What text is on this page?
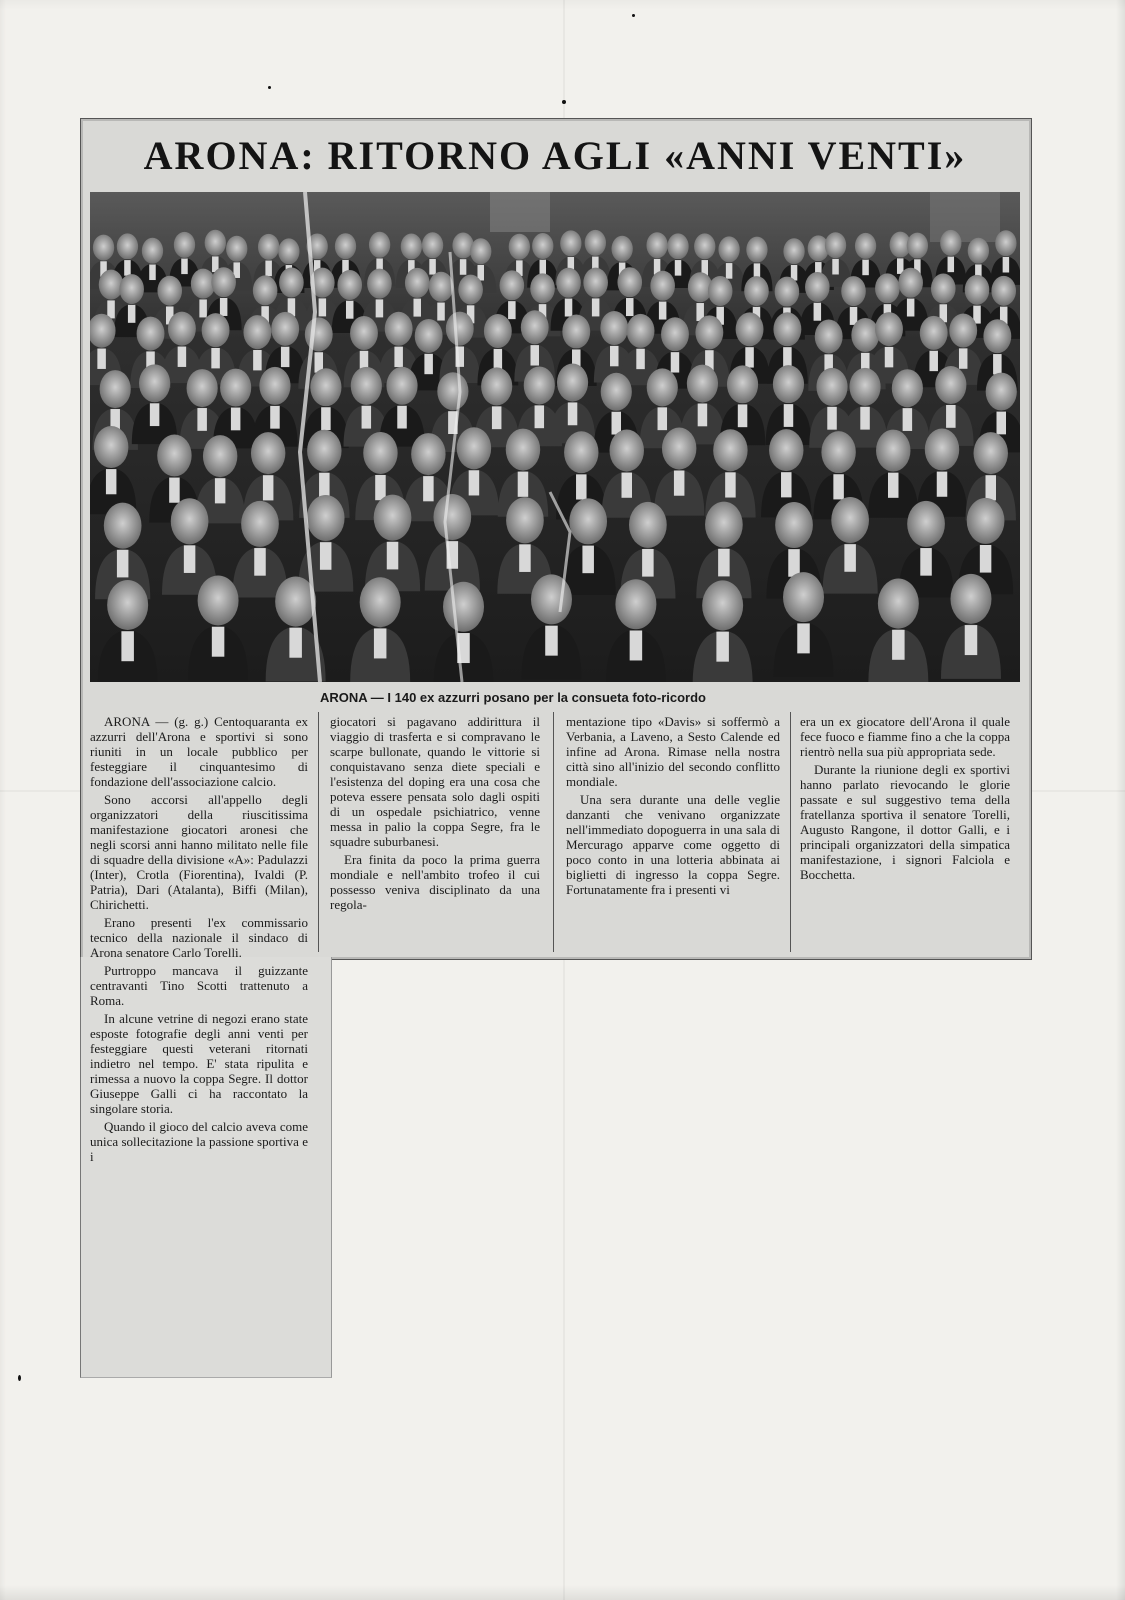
ARONA: RITORNO AGLI «ANNI VENTI»
ARONA — I 140 ex azzurri posano per la consueta foto-ricordo

ARONA — (g. g.) Centoquaranta ex azzurri dell'Arona e sportivi si sono riuniti in un locale pubblico per festeggiare il cinquantesimo di fondazione dell'associazione calcio.

Sono accorsi all'appello degli organizzatori della riuscitissima manifestazione giocatori aronesi che negli scorsi anni hanno militato nelle file di squadre della divisione «A»: Padulazzi (Inter), Crotla (Fiorentina), Ivaldi (P. Patria), Dari (Atalanta), Biffi (Milan), Chirichetti.

Erano presenti l'ex commissario tecnico della nazionale il sindaco di Arona senatore Carlo Torelli.

Purtroppo mancava il guizzante centravanti Tino Scotti trattenuto a Roma.

In alcune vetrine di negozi erano state esposte fotografie degli anni venti per festeggiare questi veterani ritornati indietro nel tempo. E' stata ripulita e rimessa a nuovo la coppa Segre. Il dottor Giuseppe Galli ci ha raccontato la singolare storia.

Quando il gioco del calcio aveva come unica sollecitazione la passione sportiva e i

giocatori si pagavano addirittura il viaggio di trasferta e si compravano le scarpe bullonate, quando le vittorie si conquistavano senza diete speciali e l'esistenza del doping era una cosa che poteva essere pensata solo dagli ospiti di un ospedale psichiatrico, venne messa in palio la coppa Segre, fra le squadre suburbanesi.

Era finita da poco la prima guerra mondiale e nell'ambito trofeo il cui possesso veniva disciplinato da una regola-

mentazione tipo «Davis» si soffermò a Verbania, a Laveno, a Sesto Calende ed infine ad Arona. Rimase nella nostra città sino all'inizio del secondo conflitto mondiale.

Una sera durante una delle veglie danzanti che venivano organizzate nell'immediato dopoguerra in una sala di Mercurago apparve come oggetto di poco conto in una lotteria abbinata ai biglietti di ingresso la coppa Segre. Fortunatamente fra i presenti vi

era un ex giocatore dell'Arona il quale fece fuoco e fiamme fino a che la coppa rientrò nella sua più appropriata sede.

Durante la riunione degli ex sportivi hanno parlato rievocando le glorie passate e sul suggestivo tema della fratellanza sportiva il senatore Torelli, Augusto Rangone, il dottor Galli, e i principali organizzatori della simpatica manifestazione, i signori Falciola e Bocchetta.
